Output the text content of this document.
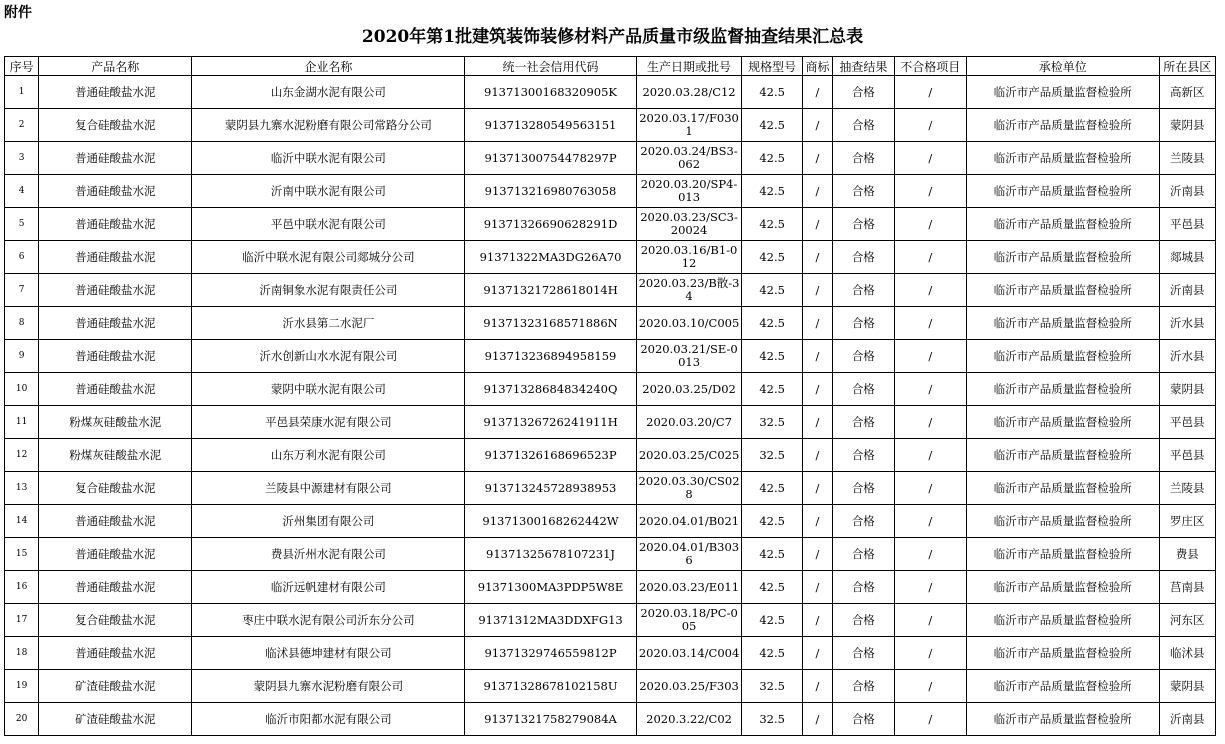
附件
2020年第1批建筑装饰装修材料产品质量市级监督抽查结果汇总表
序号	产品名称	企业名称	统一社会信用代码	生产日期或批号	规格型号	商标	抽查结果	不合格项目	承检单位	所在县区
1	普通硅酸盐水泥	山东金湖水泥有限公司	91371300168320905K	2020.03.28/C12	42.5	/	合格	/	临沂市产品质量监督检验所	高新区
2	复合硅酸盐水泥	蒙阴县九寨水泥粉磨有限公司常路分公司	913713280549563151	2020.03.17/F0301	42.5	/	合格	/	临沂市产品质量监督检验所	蒙阴县
3	普通硅酸盐水泥	临沂中联水泥有限公司	91371300754478297P	2020.03.24/BS3-062	42.5	/	合格	/	临沂市产品质量监督检验所	兰陵县
4	普通硅酸盐水泥	沂南中联水泥有限公司	913713216980763058	2020.03.20/SP4-013	42.5	/	合格	/	临沂市产品质量监督检验所	沂南县
5	普通硅酸盐水泥	平邑中联水泥有限公司	91371326690628291D	2020.03.23/SC3-20024	42.5	/	合格	/	临沂市产品质量监督检验所	平邑县
6	普通硅酸盐水泥	临沂中联水泥有限公司郯城分公司	91371322MA3DG26A70	2020.03.16/B1-012	42.5	/	合格	/	临沂市产品质量监督检验所	郯城县
7	普通硅酸盐水泥	沂南铜象水泥有限责任公司	91371321728618014H	2020.03.23/B散-34	42.5	/	合格	/	临沂市产品质量监督检验所	沂南县
8	普通硅酸盐水泥	沂水县第二水泥厂	91371323168571886N	2020.03.10/C005	42.5	/	合格	/	临沂市产品质量监督检验所	沂水县
9	普通硅酸盐水泥	沂水创新山水水泥有限公司	913713236894958159	2020.03.21/SE-0013	42.5	/	合格	/	临沂市产品质量监督检验所	沂水县
10	普通硅酸盐水泥	蒙阴中联水泥有限公司	91371328684834240Q	2020.03.25/D02	42.5	/	合格	/	临沂市产品质量监督检验所	蒙阴县
11	粉煤灰硅酸盐水泥	平邑县荣康水泥有限公司	91371326726241911H	2020.03.20/C7	32.5	/	合格	/	临沂市产品质量监督检验所	平邑县
12	粉煤灰硅酸盐水泥	山东万利水泥有限公司	91371326168696523P	2020.03.25/C025	32.5	/	合格	/	临沂市产品质量监督检验所	平邑县
13	复合硅酸盐水泥	兰陵县中源建材有限公司	913713245728938953	2020.03.30/CS028	42.5	/	合格	/	临沂市产品质量监督检验所	兰陵县
14	普通硅酸盐水泥	沂州集团有限公司	91371300168262442W	2020.04.01/B021	42.5	/	合格	/	临沂市产品质量监督检验所	罗庄区
15	普通硅酸盐水泥	费县沂州水泥有限公司	91371325678107231J	2020.04.01/B3036	42.5	/	合格	/	临沂市产品质量监督检验所	费县
16	普通硅酸盐水泥	临沂远帆建材有限公司	91371300MA3PDP5W8E	2020.03.23/E011	42.5	/	合格	/	临沂市产品质量监督检验所	莒南县
17	复合硅酸盐水泥	枣庄中联水泥有限公司沂东分公司	91371312MA3DDXFG13	2020.03.18/PC-005	42.5	/	合格	/	临沂市产品质量监督检验所	河东区
18	普通硅酸盐水泥	临沭县德坤建材有限公司	91371329746559812P	2020.03.14/C004	42.5	/	合格	/	临沂市产品质量监督检验所	临沭县
19	矿渣硅酸盐水泥	蒙阴县九寨水泥粉磨有限公司	91371328678102158U	2020.03.25/F303	32.5	/	合格	/	临沂市产品质量监督检验所	蒙阴县
20	矿渣硅酸盐水泥	临沂市阳都水泥有限公司	91371321758279084A	2020.3.22/C02	32.5	/	合格	/	临沂市产品质量监督检验所	沂南县
